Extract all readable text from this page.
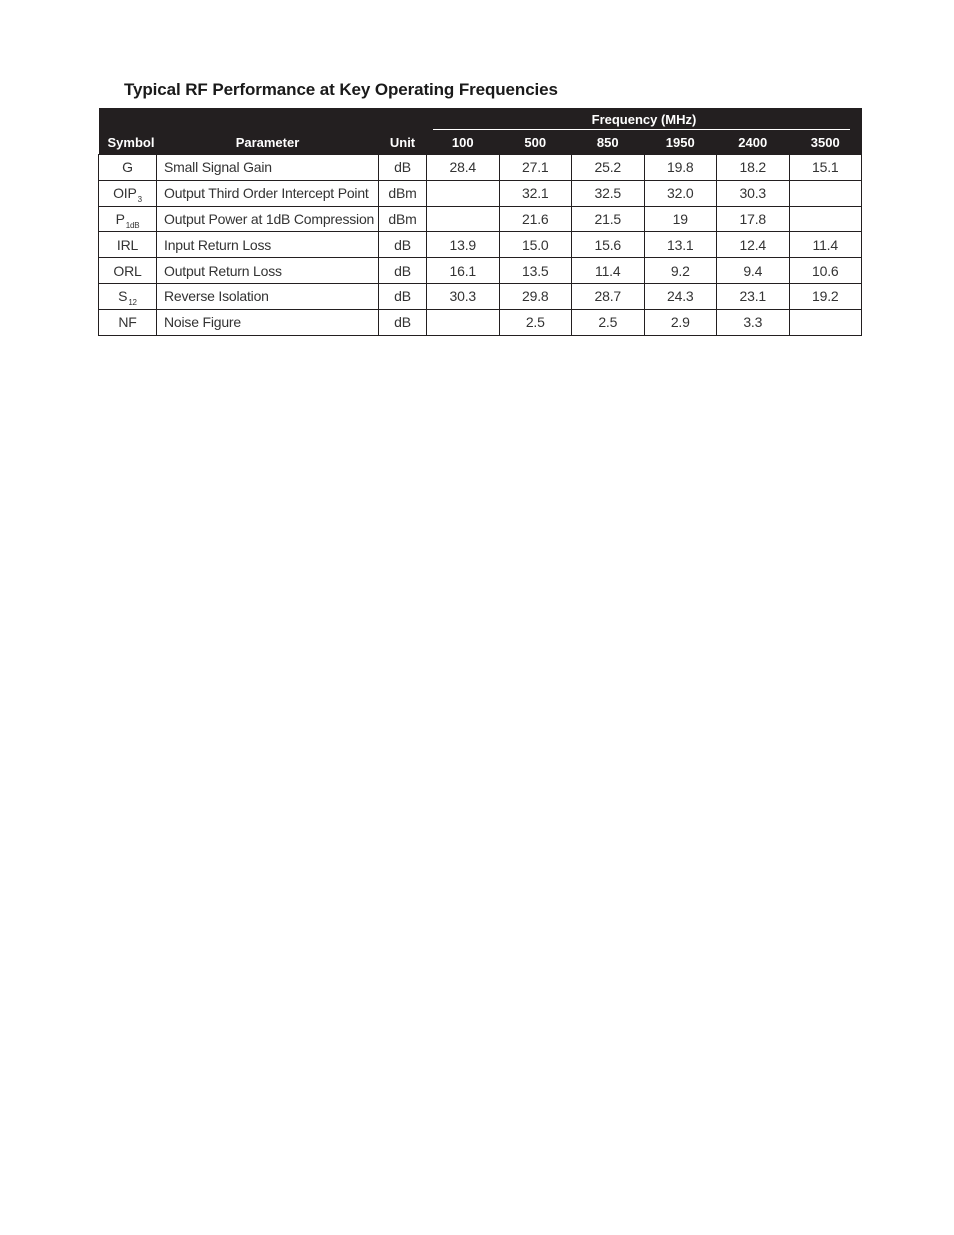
Typical RF Performance at Key Operating Frequencies

			Frequency (MHz)					

Symbol	Parameter	Unit	100	500	850	1950	2400	3500
G	Small Signal Gain	dB	28.4	27.1	25.2	19.8	18.2	15.1
$OIP_3$	Output Third Order Intercept Point	dBm		32.1	32.5	32.0	30.3	
$P_{1dB}$	Output Power at 1dB Compression	dBm		21.6	21.5	19	17.8	
IRL	Input Return Loss	dB	13.9	15.0	15.6	13.1	12.4	11.4
ORL	Output Return Loss	dB	16.1	13.5	11.4	9.2	9.4	10.6
$S_{12}$	Reverse Isolation	dB	30.3	29.8	28.7	24.3	23.1	19.2
NF	Noise Figure	dB		2.5	2.5	2.9	3.3	
